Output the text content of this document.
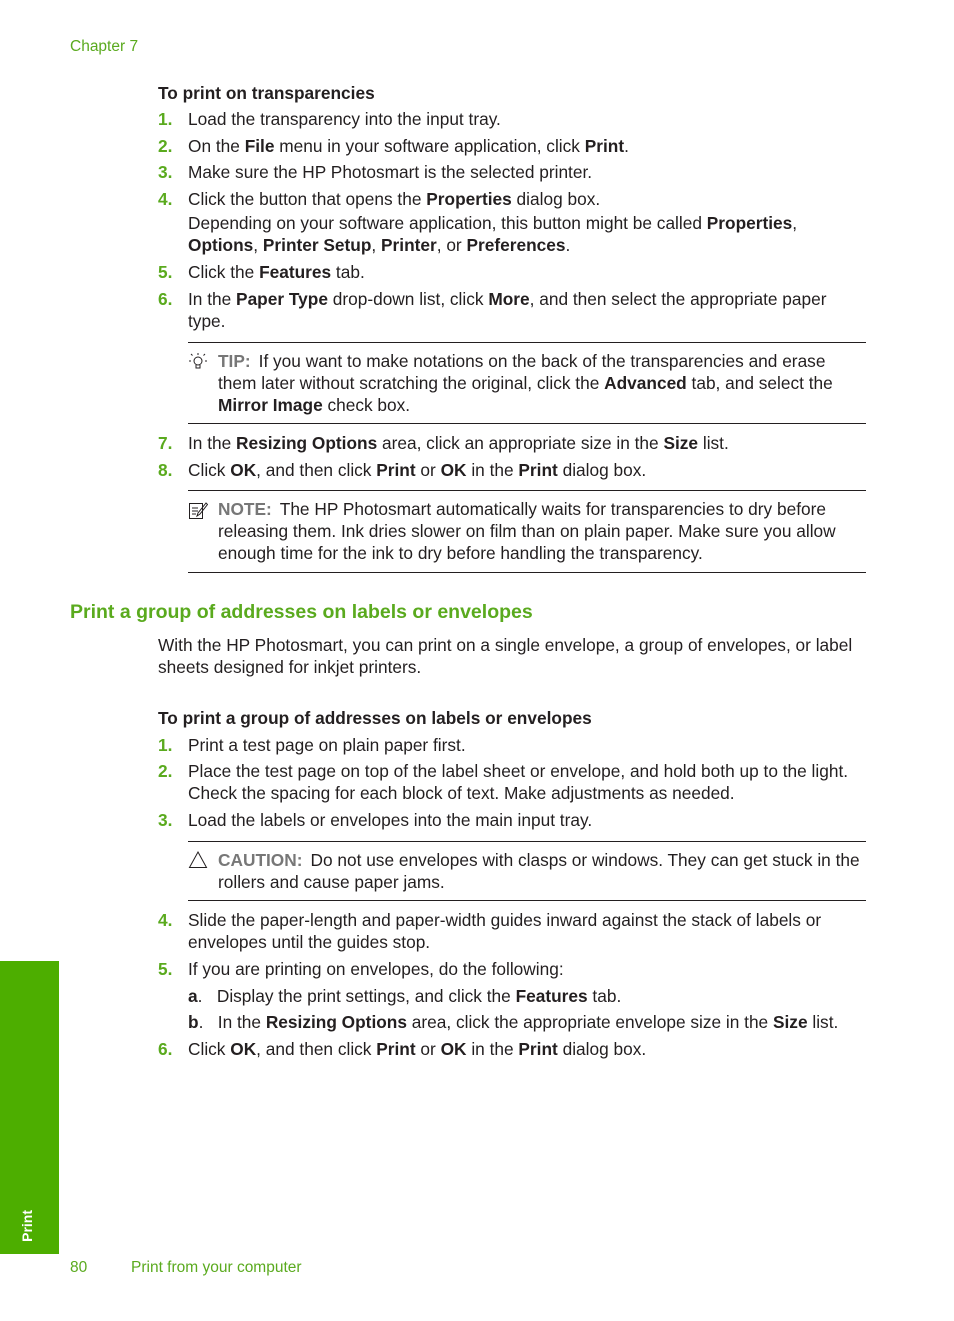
Chapter 7
To print on transparencies
1. Load the transparency into the input tray.
2. On the File menu in your software application, click Print.
3. Make sure the HP Photosmart is the selected printer.
4. Click the button that opens the Properties dialog box.
Depending on your software application, this button might be called Properties, Options, Printer Setup, Printer, or Preferences.
5. Click the Features tab.
6. In the Paper Type drop-down list, click More, and then select the appropriate paper type.
TIP: If you want to make notations on the back of the transparencies and erase them later without scratching the original, click the Advanced tab, and select the Mirror Image check box.
7. In the Resizing Options area, click an appropriate size in the Size list.
8. Click OK, and then click Print or OK in the Print dialog box.
NOTE: The HP Photosmart automatically waits for transparencies to dry before releasing them. Ink dries slower on film than on plain paper. Make sure you allow enough time for the ink to dry before handling the transparency.
Print a group of addresses on labels or envelopes
With the HP Photosmart, you can print on a single envelope, a group of envelopes, or label sheets designed for inkjet printers.
To print a group of addresses on labels or envelopes
1. Print a test page on plain paper first.
2. Place the test page on top of the label sheet or envelope, and hold both up to the light. Check the spacing for each block of text. Make adjustments as needed.
3. Load the labels or envelopes into the main input tray.
CAUTION: Do not use envelopes with clasps or windows. They can get stuck in the rollers and cause paper jams.
4. Slide the paper-length and paper-width guides inward against the stack of labels or envelopes until the guides stop.
5. If you are printing on envelopes, do the following:
a.   Display the print settings, and click the Features tab.
b.   In the Resizing Options area, click the appropriate envelope size in the Size list.
6. Click OK, and then click Print or OK in the Print dialog box.
Print
80	Print from your computer
